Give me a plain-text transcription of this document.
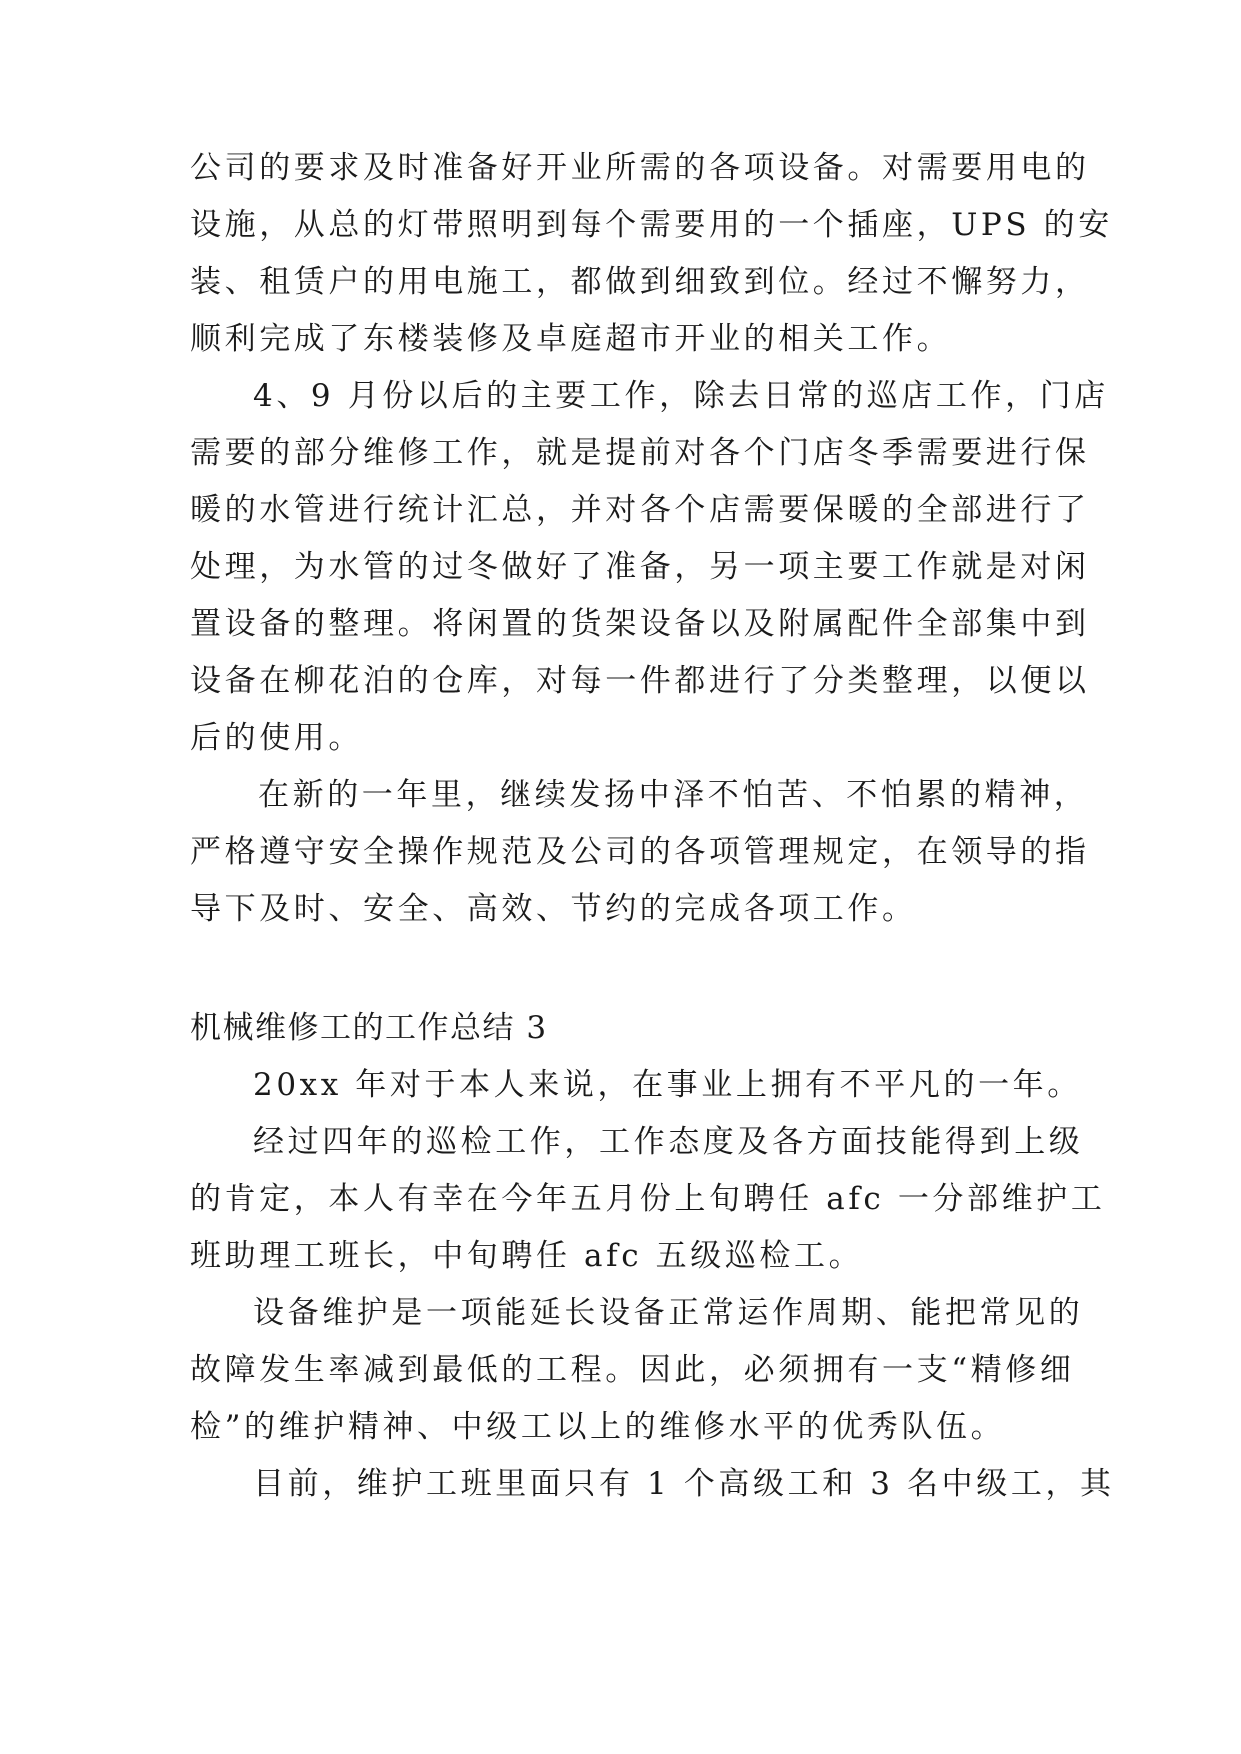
公司的要求及时准备好开业所需的各项设备。对需要用电的
设施，从总的灯带照明到每个需要用的一个插座，UPS 的安
装、租赁户的用电施工，都做到细致到位。经过不懈努力，
顺利完成了东楼装修及卓庭超市开业的相关工作。
4、9 月份以后的主要工作，除去日常的巡店工作，门店
需要的部分维修工作，就是提前对各个门店冬季需要进行保
暖的水管进行统计汇总，并对各个店需要保暖的全部进行了
处理，为水管的过冬做好了准备，另一项主要工作就是对闲
置设备的整理。将闲置的货架设备以及附属配件全部集中到
设备在柳花泊的仓库，对每一件都进行了分类整理，以便以
后的使用。
在新的一年里，继续发扬中泽不怕苦、不怕累的精神，
严格遵守安全操作规范及公司的各项管理规定，在领导的指
导下及时、安全、高效、节约的完成各项工作。
机械维修工的工作总结 3
20xx 年对于本人来说，在事业上拥有不平凡的一年。
经过四年的巡检工作，工作态度及各方面技能得到上级
的肯定，本人有幸在今年五月份上旬聘任 afc 一分部维护工
班助理工班长，中旬聘任 afc 五级巡检工。
设备维护是一项能延长设备正常运作周期、能把常见的
故障发生率减到最低的工程。因此，必须拥有一支“精修细
检”的维护精神、中级工以上的维修水平的优秀队伍。
目前，维护工班里面只有 1 个高级工和 3 名中级工，其
